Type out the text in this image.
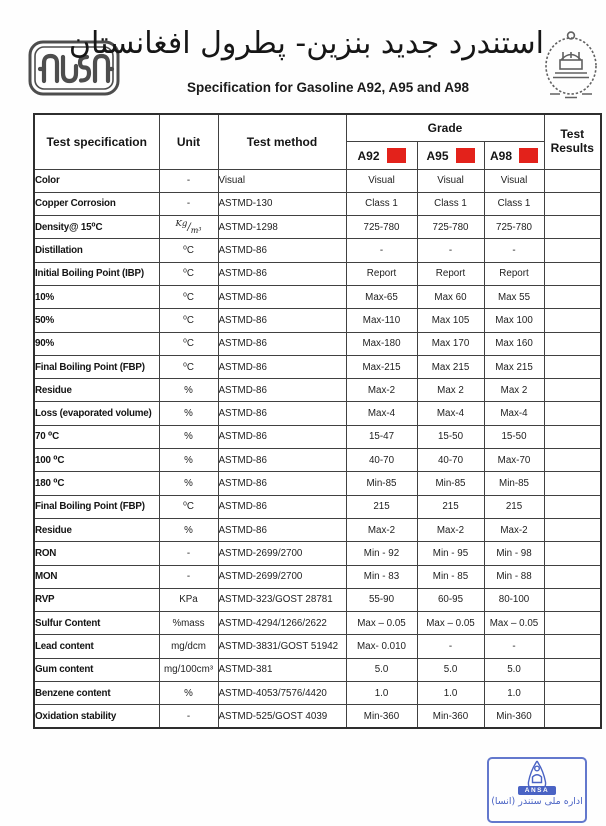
استندرد جدید بنزین- پطرول افغانستان
Specification for Gasoline A92, A95 and A98
Test specification	Unit	Test method	Grade			Test Results
			A92	A95	A98	
Color	-	Visual	Visual	Visual	Visual	
Copper Corrosion	-	ASTMD-130	Class 1	Class 1	Class 1	
Density@ 15⁰C	$Kg/_{m^3}$	ASTMD-1298	725-780	725-780	725-780	
Distillation	⁰C	ASTMD-86	-	-	-	
Initial Boiling Point (IBP)	⁰C	ASTMD-86	Report	Report	Report	
10%	⁰C	ASTMD-86	Max-65	Max 60	Max 55	
50%	⁰C	ASTMD-86	Max-110	Max 105	Max 100	
90%	⁰C	ASTMD-86	Max-180	Max 170	Max 160	
Final Boiling Point (FBP)	⁰C	ASTMD-86	Max-215	Max 215	Max 215	
Residue	%	ASTMD-86	Max-2	Max 2	Max 2	
Loss (evaporated volume)	%	ASTMD-86	Max-4	Max-4	Max-4	
70 ⁰C	%	ASTMD-86	15-47	15-50	15-50	
100 ⁰C	%	ASTMD-86	40-70	40-70	Max-70	
180 ⁰C	%	ASTMD-86	Min-85	Min-85	Min-85	
Final Boiling Point (FBP)	⁰C	ASTMD-86	215	215	215	
Residue	%	ASTMD-86	Max-2	Max-2	Max-2	
RON	-	ASTMD-2699/2700	Min - 92	Min - 95	Min - 98	
MON	-	ASTMD-2699/2700	Min - 83	Min - 85	Min - 88	
RVP	KPa	ASTMD-323/GOST 28781	55-90	60-95	80-100	
Sulfur Content	%mass	ASTMD-4294/1266/2622	Max – 0.05	Max – 0.05	Max – 0.05	
Lead content	mg/dcm	ASTMD-3831/GOST 51942	Max- 0.010	-	-	
Gum content	mg/100cm³	ASTMD-381	5.0	5.0	5.0	
Benzene content	%	ASTMD-4053/7576/4420	1.0	1.0	1.0	
Oxidation stability	-	ASTMD-525/GOST 4039	Min-360	Min-360	Min-360	
ANSA
اداره ملی ستندر (انسا)
